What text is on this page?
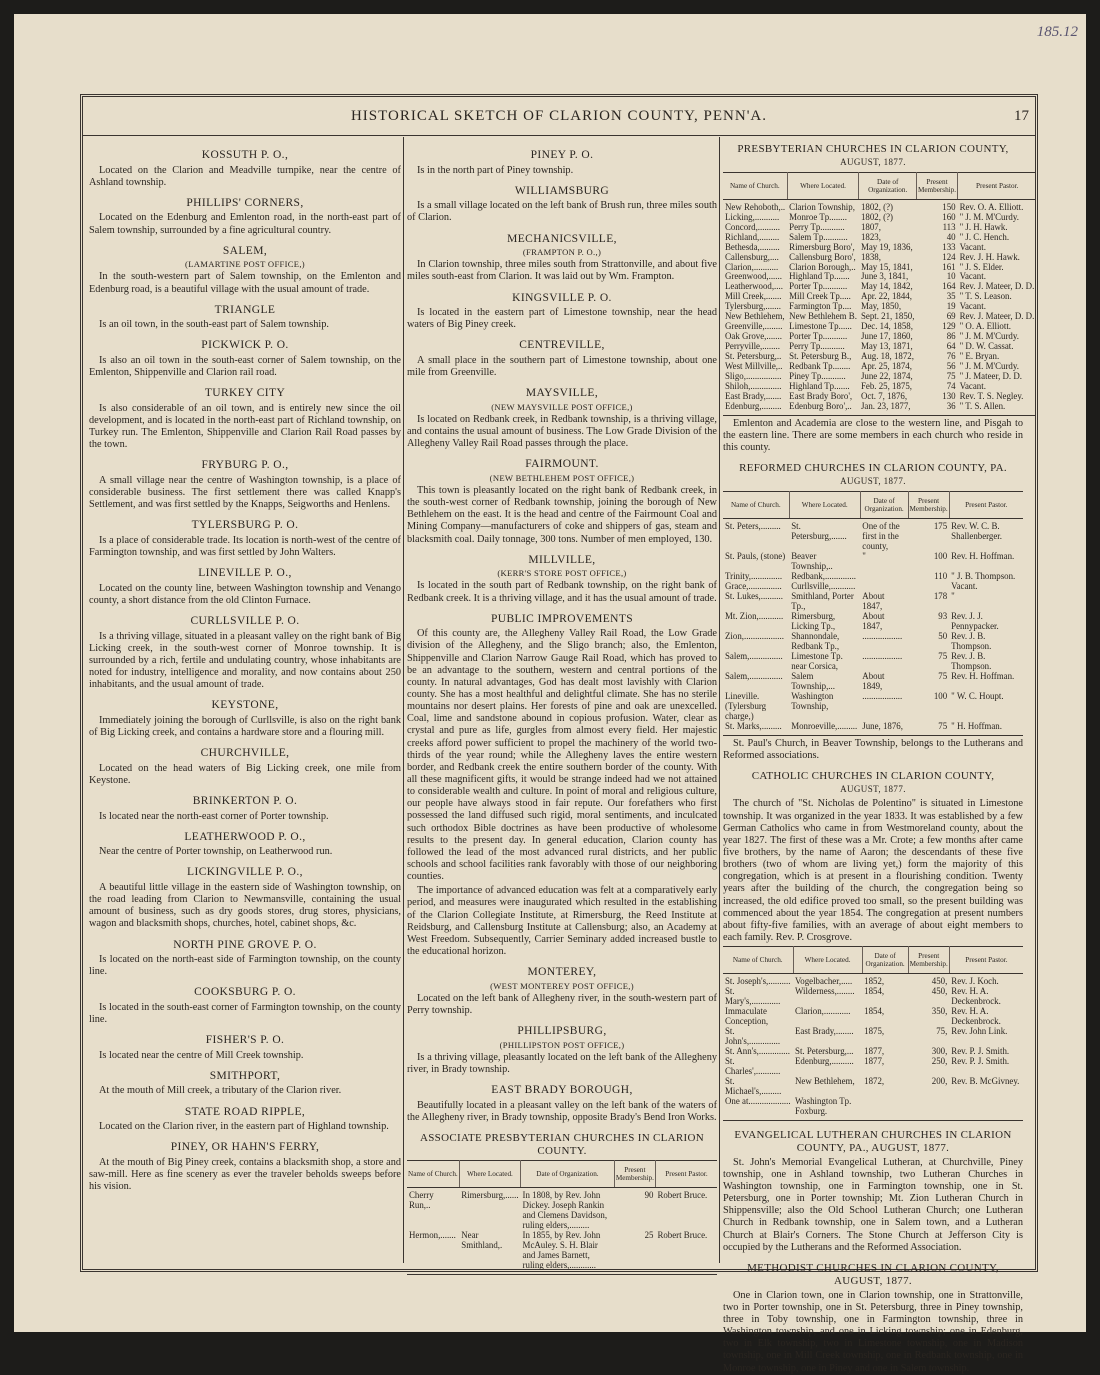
185.12
HISTORICAL SKETCH OF CLARION COUNTY, PENN'A.	17
KOSSUTH P. O.,

Located on the Clarion and Meadville turnpike, near the centre of Ashland township.

PHILLIPS' CORNERS,

Located on the Edenburg and Emlenton road, in the north-east part of Salem township, surrounded by a fine agricultural country.

SALEM,
(LAMARTINE POST OFFICE,)

In the south-western part of Salem township, on the Emlenton and Edenburg road, is a beautiful village with the usual amount of trade.

TRIANGLE

Is an oil town, in the south-east part of Salem township.

PICKWICK P. O.

Is also an oil town in the south-east corner of Salem township, on the Emlenton, Shippenville and Clarion rail road.

TURKEY CITY

Is also considerable of an oil town, and is entirely new since the oil development, and is located in the north-east part of Richland township, on Turkey run. The Emlenton, Shippenville and Clarion Rail Road passes by the town.

FRYBURG P. O.,

A small village near the centre of Washington township, is a place of considerable business. The first settlement there was called Knapp's Settlement, and was first settled by the Knapps, Seigworths and Henlens.

TYLERSBURG P. O.

Is a place of considerable trade. Its location is north-west of the centre of Farmington township, and was first settled by John Walters.

LINEVILLE P. O.,

Located on the county line, between Washington township and Venango county, a short distance from the old Clinton Furnace.

CURLLSVILLE P. O.

Is a thriving village, situated in a pleasant valley on the right bank of Big Licking creek, in the south-west corner of Monroe township. It is surrounded by a rich, fertile and undulating country, whose inhabitants are noted for industry, intelligence and morality, and now contains about 250 inhabitants, and the usual amount of trade.

KEYSTONE,

Immediately joining the borough of Curllsville, is also on the right bank of Big Licking creek, and contains a hardware store and a flouring mill.

CHURCHVILLE,

Located on the head waters of Big Licking creek, one mile from Keystone.

BRINKERTON P. O.

Is located near the north-east corner of Porter township.

LEATHERWOOD P. O.,

Near the centre of Porter township, on Leatherwood run.

LICKINGVILLE P. O.,

A beautiful little village in the eastern side of Washington township, on the road leading from Clarion to Newmansville, containing the usual amount of business, such as dry goods stores, drug stores, physicians, wagon and blacksmith shops, churches, hotel, cabinet shops, &c.

NORTH PINE GROVE P. O.

Is located on the north-east side of Farmington township, on the county line.

COOKSBURG P. O.

Is located in the south-east corner of Farmington township, on the county line.

FISHER'S P. O.

Is located near the centre of Mill Creek township.

SMITHPORT,

At the mouth of Mill creek, a tributary of the Clarion river.

STATE ROAD RIPPLE,

Located on the Clarion river, in the eastern part of Highland township.

PINEY, OR HAHN'S FERRY,

At the mouth of Big Piney creek, contains a blacksmith shop, a store and saw-mill. Here as fine scenery as ever the traveler beholds sweeps before his vision.

PINEY P. O.

Is in the north part of Piney township.

WILLIAMSBURG

Is a small village located on the left bank of Brush run, three miles south of Clarion.

MECHANICSVILLE,
(FRAMPTON P. O.,)

In Clarion township, three miles south from Strattonville, and about five miles south-east from Clarion. It was laid out by Wm. Frampton.

KINGSVILLE P. O.

Is located in the eastern part of Limestone township, near the head waters of Big Piney creek.

CENTREVILLE,

A small place in the southern part of Limestone township, about one mile from Greenville.

MAYSVILLE,
(NEW MAYSVILLE POST OFFICE,)

Is located on Redbank creek, in Redbank township, is a thriving village, and contains the usual amount of business. The Low Grade Division of the Allegheny Valley Rail Road passes through the place.

FAIRMOUNT.
(NEW BETHLEHEM POST OFFICE,)

This town is pleasantly located on the right bank of Redbank creek, in the south-west corner of Redbank township, joining the borough of New Bethlehem on the east. It is the head and centre of the Fairmount Coal and Mining Company—manufacturers of coke and shippers of gas, steam and blacksmith coal. Daily tonnage, 300 tons. Number of men employed, 130.

MILLVILLE,
(KERR'S STORE POST OFFICE,)

Is located in the south part of Redbank township, on the right bank of Redbank creek. It is a thriving village, and it has the usual amount of trade.

PUBLIC IMPROVEMENTS

Of this county are, the Allegheny Valley Rail Road, the Low Grade division of the Allegheny, and the Sligo branch; also, the Emlenton, Shippenville and Clarion Narrow Gauge Rail Road, which has proved to be an advantage to the southern, western and central portions of the county. In natural advantages, God has dealt most lavishly with Clarion county. She has a most healthful and delightful climate. She has no sterile mountains nor desert plains. Her forests of pine and oak are unexcelled. Coal, lime and sandstone abound in copious profusion. Water, clear as crystal and pure as life, gurgles from almost every field. Her majestic creeks afford power sufficient to propel the machinery of the world two-thirds of the year round; while the Allegheny laves the entire western border, and Redbank creek the entire southern border of the county. With all these magnificent gifts, it would be strange indeed had we not attained to considerable wealth and culture. In point of moral and religious culture, our people have always stood in fair repute. Our forefathers who first possessed the land diffused such rigid, moral sentiments, and inculcated such orthodox Bible doctrines as have been productive of wholesome results to the present day. In general education, Clarion county has followed the lead of the most advanced rural districts, and her public schools and school facilities rank favorably with those of our neighboring counties.

The importance of advanced education was felt at a comparatively early period, and measures were inaugurated which resulted in the establishing of the Clarion Collegiate Institute, at Rimersburg, the Reed Institute at Reidsburg, and Callensburg Institute at Callensburg; also, an Academy at West Freedom. Subsequently, Carrier Seminary added increased bustle to the educational horizon.

MONTEREY,
(WEST MONTEREY POST OFFICE,)

Located on the left bank of Allegheny river, in the south-western part of Perry township.

PHILLIPSBURG,
(PHILLIPSTON POST OFFICE,)

Is a thriving village, pleasantly located on the left bank of the Allegheny river, in Brady township.

EAST BRADY BOROUGH,

Beautifully located in a pleasant valley on the left bank of the waters of the Allegheny river, in Brady township, opposite Brady's Bend Iron Works.

ASSOCIATE PRESBYTERIAN CHURCHES IN CLARION COUNTY.
Name of Church.	Where Located.	Date of Organization.	Present Membership.	Present Pastor.
Cherry Run,..	Rimersburg,......	In 1808, by Rev. John Dickey. Joseph Rankin and Clemens Davidson, ruling elders,.........	90	Robert Bruce.
Hermon,.......	Near Smithland,.	In 1855, by Rev. John McAuley. S. H. Blair and James Barnett, ruling elders,............	25	Robert Bruce.
PRESBYTERIAN CHURCHES IN CLARION COUNTY,
AUGUST, 1877.
Name of Church.	Where Located.	Date of Organization.	Present Membership.	Present Pastor.
New Rehoboth,..	Clarion Township,	1802, (?)	150	Rev. O. A. Elliott.
Licking,...........	Monroe Tp........	1802, (?)	160	" J. M. M'Curdy.
Concord,..........	Perry Tp...........	1807,	113	" J. H. Hawk.
Richland,.........	Salem Tp...........	1823,	40	" J. C. Hench.
Bethesda,.........	Rimersburg Boro',	May 19, 1836,	133	Vacant.
Callensburg,....	Callensburg Boro',	1838,	124	Rev. J. H. Hawk.
Clarion,...........	Clarion Borough,..	May 15, 1841,	161	" J. S. Elder.
Greenwood,......	Highland Tp.......	June 3, 1841,	10	Vacant.
Leatherwood,....	Porter Tp...........	May 14, 1842,	164	Rev. J. Mateer, D. D.
Mill Creek,.......	Mill Creek Tp.....	Apr. 22, 1844,	35	" T. S. Leason.
Tylersburg,.......	Farmington Tp....	May, 1850,	19	Vacant.
New Bethlehem,	New Bethlehem B.	Sept. 21, 1850,	69	Rev. J. Mateer, D. D.
Greenville,........	Limestone Tp......	Dec. 14, 1858,	129	" O. A. Elliott.
Oak Grove,.......	Porter Tp...........	June 17, 1860,	86	" J. M. M'Curdy.
Perryville,........	Perry Tp...........	May 13, 1871,	64	" D. W. Cassat.
St. Petersburg,..	St. Petersburg B.,	Aug. 18, 1872,	76	" E. Bryan.
West Millville,..	Redbank Tp........	Apr. 25, 1874,	56	" J. M. M'Curdy.
Sligo,................	Piney Tp...........	June 22, 1874,	75	" J. Mateer, D. D.
Shiloh,..............	Highland Tp.......	Feb. 25, 1875,	74	Vacant.
East Brady,.......	East Brady Boro',	Oct. 7, 1876,	130	Rev. T. S. Negley.
Edenburg,.........	Edenburg Boro',..	Jan. 23, 1877,	36	" T. S. Allen.

Emlenton and Academia are close to the western line, and Pisgah to the eastern line. There are some members in each church who reside in this county.

REFORMED CHURCHES IN CLARION COUNTY, PA.
AUGUST, 1877.
Name of Church.	Where Located.	Date of Organization.	Present Membership.	Present Pastor.
St. Peters,.........	St. Petersburg,.......	One of the first in the county,	175	Rev. W. C. B. Shallenberger.
St. Pauls, (stone)	Beaver Township,..	"	100	Rev. H. Hoffman.
Trinity,..............	Redbank,..............		110	" J. B. Thompson.
Grace,...............	Curllsville,...........			Vacant.
St. Lukes,..........	Smithland, Porter Tp.,	About 1847,	178	"
Mt. Zion,...........	Rimersburg, Licking Tp.,	About 1847,	93	Rev. J. J. Pennypacker.
Zion,..................	Shannondale, Redbank Tp.,	..................	50	Rev. J. B. Thompson.
Salem,...............	Limestone Tp. near Corsica,	..................	75	Rev. J. B. Thompson.
Salem,...............	Salem Township,...	About 1849,	75	Rev. H. Hoffman.
Lineville. (Tylersburg charge,)	Washington Township,	..................	100	" W. C. Houpt.
St. Marks,.........	Monroeville,.........	June, 1876,	75	" H. Hoffman.

St. Paul's Church, in Beaver Township, belongs to the Lutherans and Reformed associations.

CATHOLIC CHURCHES IN CLARION COUNTY,
AUGUST, 1877.

The church of "St. Nicholas de Polentino" is situated in Limestone township. It was organized in the year 1833. It was established by a few German Catholics who came in from Westmoreland county, about the year 1827. The first of these was a Mr. Crote; a few months after came five brothers, by the name of Aaron; the descendants of these five brothers (two of whom are living yet,) form the majority of this congregation, which is at present in a flourishing condition. Twenty years after the building of the church, the congregation being so increased, the old edifice proved too small, so the present building was commenced about the year 1854. The congregation at present numbers about fifty-five families, with an average of about eight members to each family. Rev. P. Crosgrove.

Name of Church.	Where Located.	Date of Organization.	Present Membership.	Present Pastor.
St. Joseph's,..........	Vogelbacher,.....	1852,	450,	Rev. J. Koch.
St. Mary's,.............	Wilderness,........	1854,	450,	Rev. H. A. Deckenbrock.
Immaculate Conception,	Clarion,............	1854,	350,	Rev. H. A. Deckenbrock.
St. John's,..............	East Brady,........	1875,	75,	Rev. John Link.
St. Ann's,..............	St. Petersburg,...	1877,	300,	Rev. P. J. Smith.
St. Charles',...........	Edenburg,..........	1877,	250,	Rev. P. J. Smith.
St. Michael's,.........	New Bethlehem,	1872,	200,	Rev. B. McGivney.
One at...................	Washington Tp. Foxburg.			
EVANGELICAL LUTHERAN CHURCHES IN CLARION COUNTY, PA., AUGUST, 1877.

St. John's Memorial Evangelical Lutheran, at Churchville, Piney township, one in Ashland township, two Lutheran Churches in Washington township, one in Farmington township, one in St. Petersburg, one in Porter township; Mt. Zion Lutheran Church in Shippensville; also the Old School Lutheran Church; one Lutheran Church in Redbank township, one in Salem town, and a Lutheran Church at Blair's Corners. The Stone Church at Jefferson City is occupied by the Lutherans and the Reformed Association.

METHODIST CHURCHES IN CLARION COUNTY, AUGUST, 1877.

One in Clarion town, one in Clarion township, one in Strattonville, two in Porter township, one in St. Petersburg, three in Piney township, three in Toby township, one in Farmington township, three in Washington township, and one in Licking township; one in Edenburg, two in Elk township, two in Limestone township, one in Madison township, one in Mill Creek township, one in Redbank township, one in Monroe township, one in Piney and one in Salem township.
